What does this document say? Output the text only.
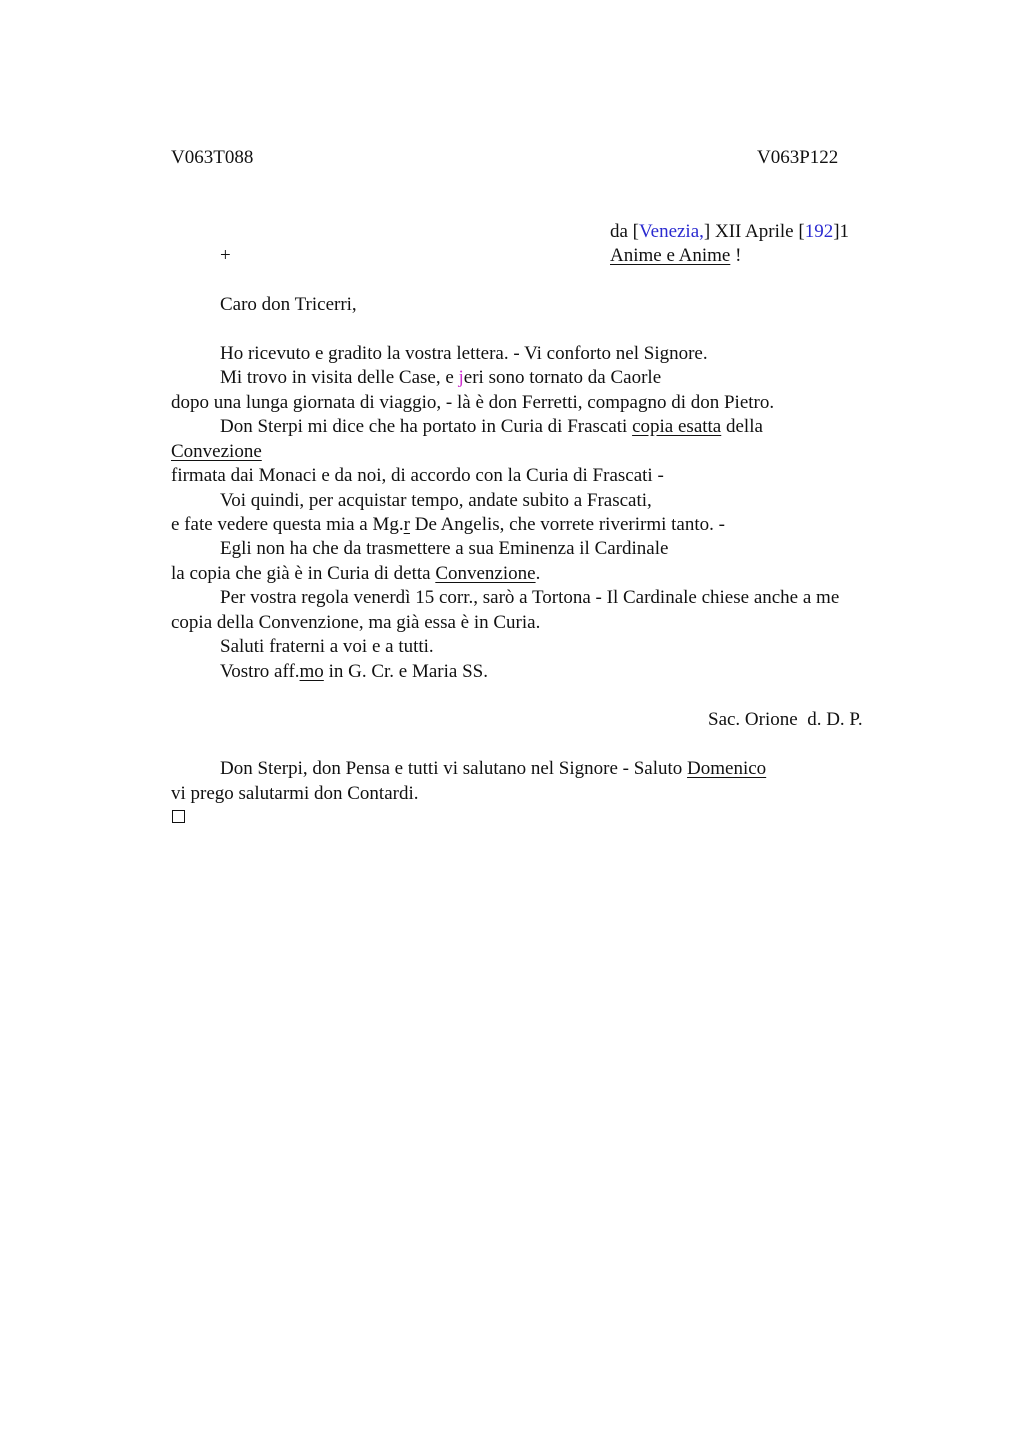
V063T088	V063P122
da [Venezia,] XII Aprile [192]1
+	Anime e Anime !
Caro don Tricerri,
Ho ricevuto e gradito la vostra lettera. - Vi conforto nel Signore.
Mi trovo in visita delle Case, e jeri sono tornato da Caorle
dopo una lunga giornata di viaggio, - là è don Ferretti, compagno di don Pietro.
Don Sterpi mi dice che ha portato in Curia di Frascati copia esatta della
Convezione
firmata dai Monaci e da noi, di accordo con la Curia di Frascati -
Voi quindi, per acquistar tempo, andate subito a Frascati,
e fate vedere questa mia a Mg.r De Angelis, che vorrete riverirmi tanto. -
Egli non ha che da trasmettere a sua Eminenza il Cardinale
la copia che già è in Curia di detta Convenzione.
Per vostra regola venerdì 15 corr., sarò a Tortona - Il Cardinale chiese anche a me
copia della Convenzione, ma già essa è in Curia.
Saluti fraterni a voi e a tutti.
Vostro aff.mo in G. Cr. e Maria SS.
Sac. Orione  d. D. P.
Don Sterpi, don Pensa e tutti vi salutano nel Signore - Saluto Domenico
vi prego salutarmi don Contardi.
